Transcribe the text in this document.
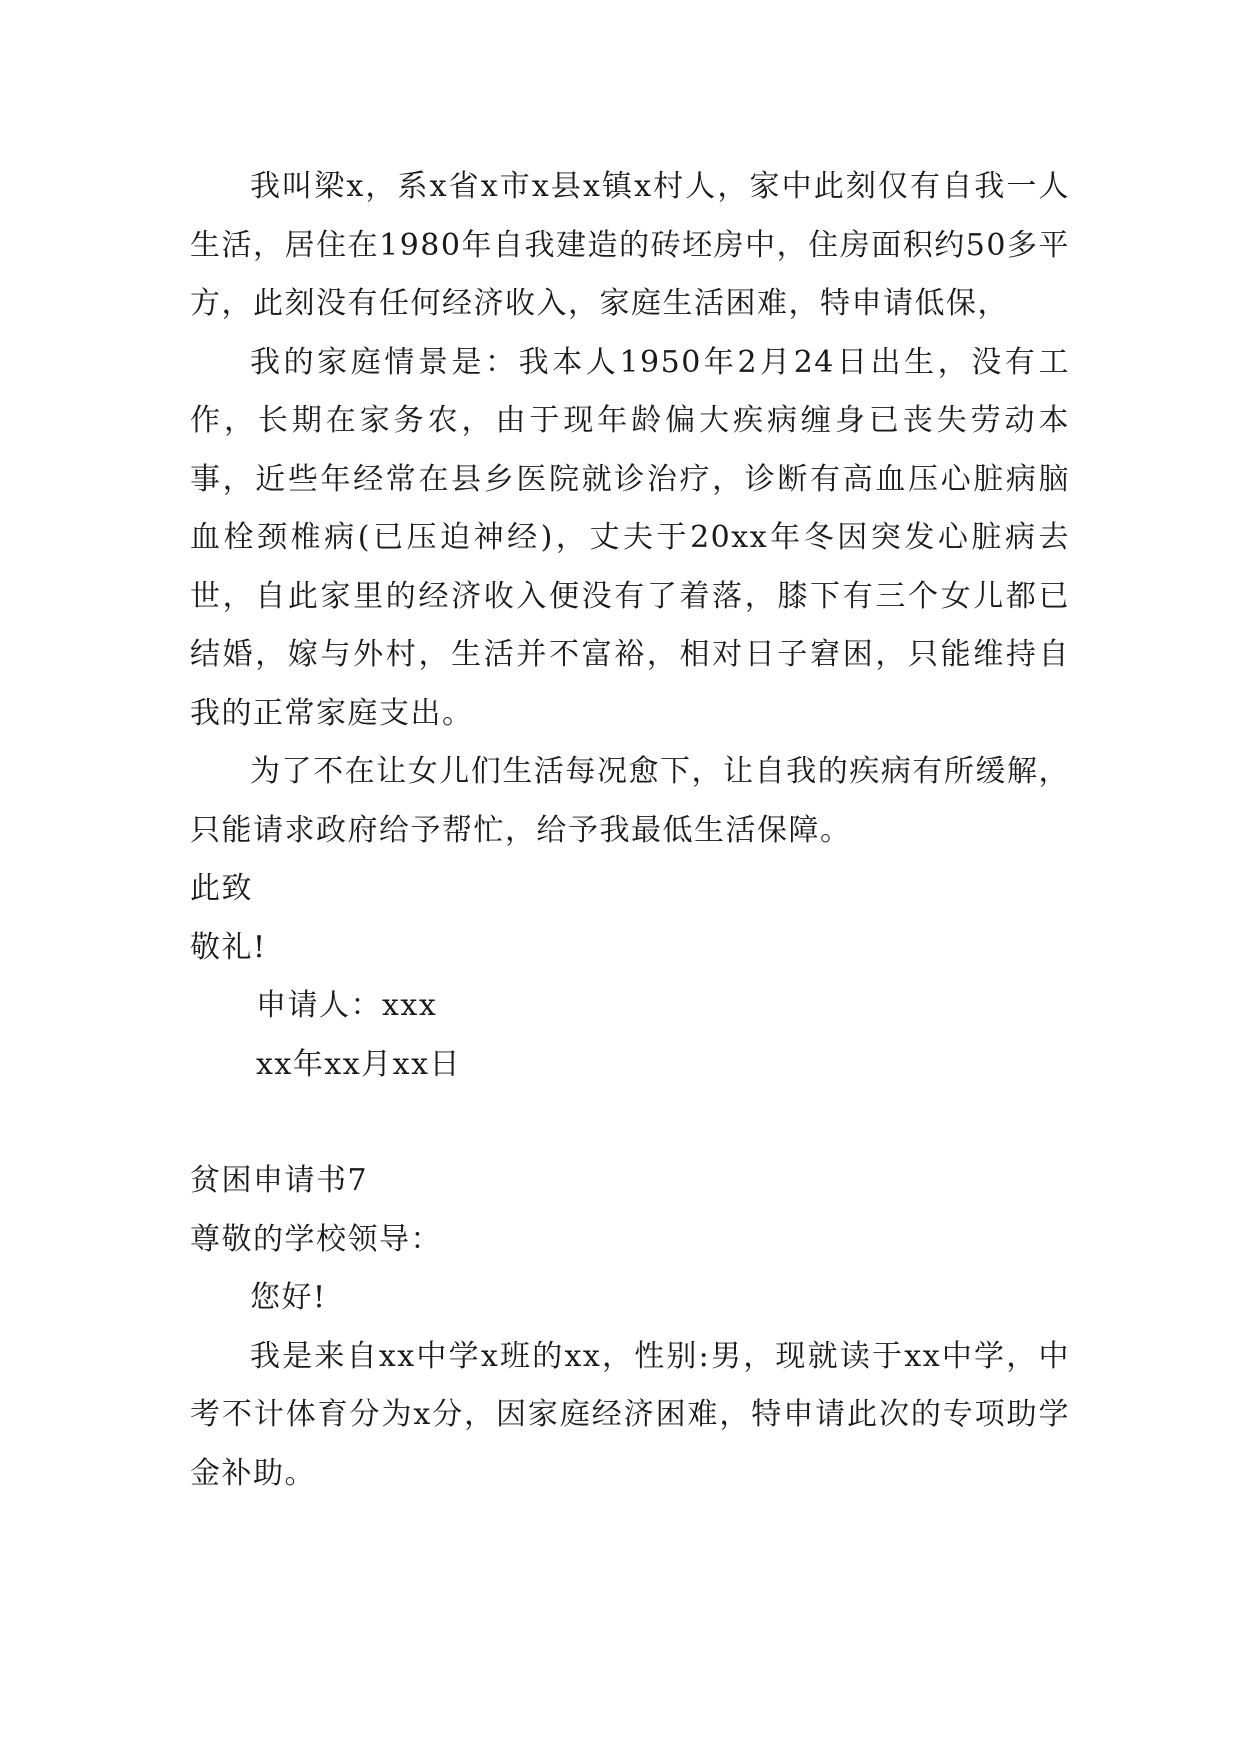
我叫梁x，系x省x市x县x镇x村人，家中此刻仅有自我一人生活，居住在1980年自我建造的砖坯房中，住房面积约50多平方，此刻没有任何经济收入，家庭生活困难，特申请低保，

我的家庭情景是：我本人1950年2月24日出生，没有工作，长期在家务农，由于现年龄偏大疾病缠身已丧失劳动本事，近些年经常在县乡医院就诊治疗，诊断有高血压心脏病脑血栓颈椎病(已压迫神经)，丈夫于20xx年冬因突发心脏病去世，自此家里的经济收入便没有了着落，膝下有三个女儿都已结婚，嫁与外村，生活并不富裕，相对日子窘困，只能维持自我的正常家庭支出。

为了不在让女儿们生活每况愈下，让自我的疾病有所缓解，只能请求政府给予帮忙，给予我最低生活保障。

此致

敬礼!

申请人：xxx

xx年xx月xx日

贫困申请书7

尊敬的学校领导：

您好!

我是来自xx中学x班的xx，性别:男，现就读于xx中学，中考不计体育分为x分，因家庭经济困难，特申请此次的专项助学金补助。
